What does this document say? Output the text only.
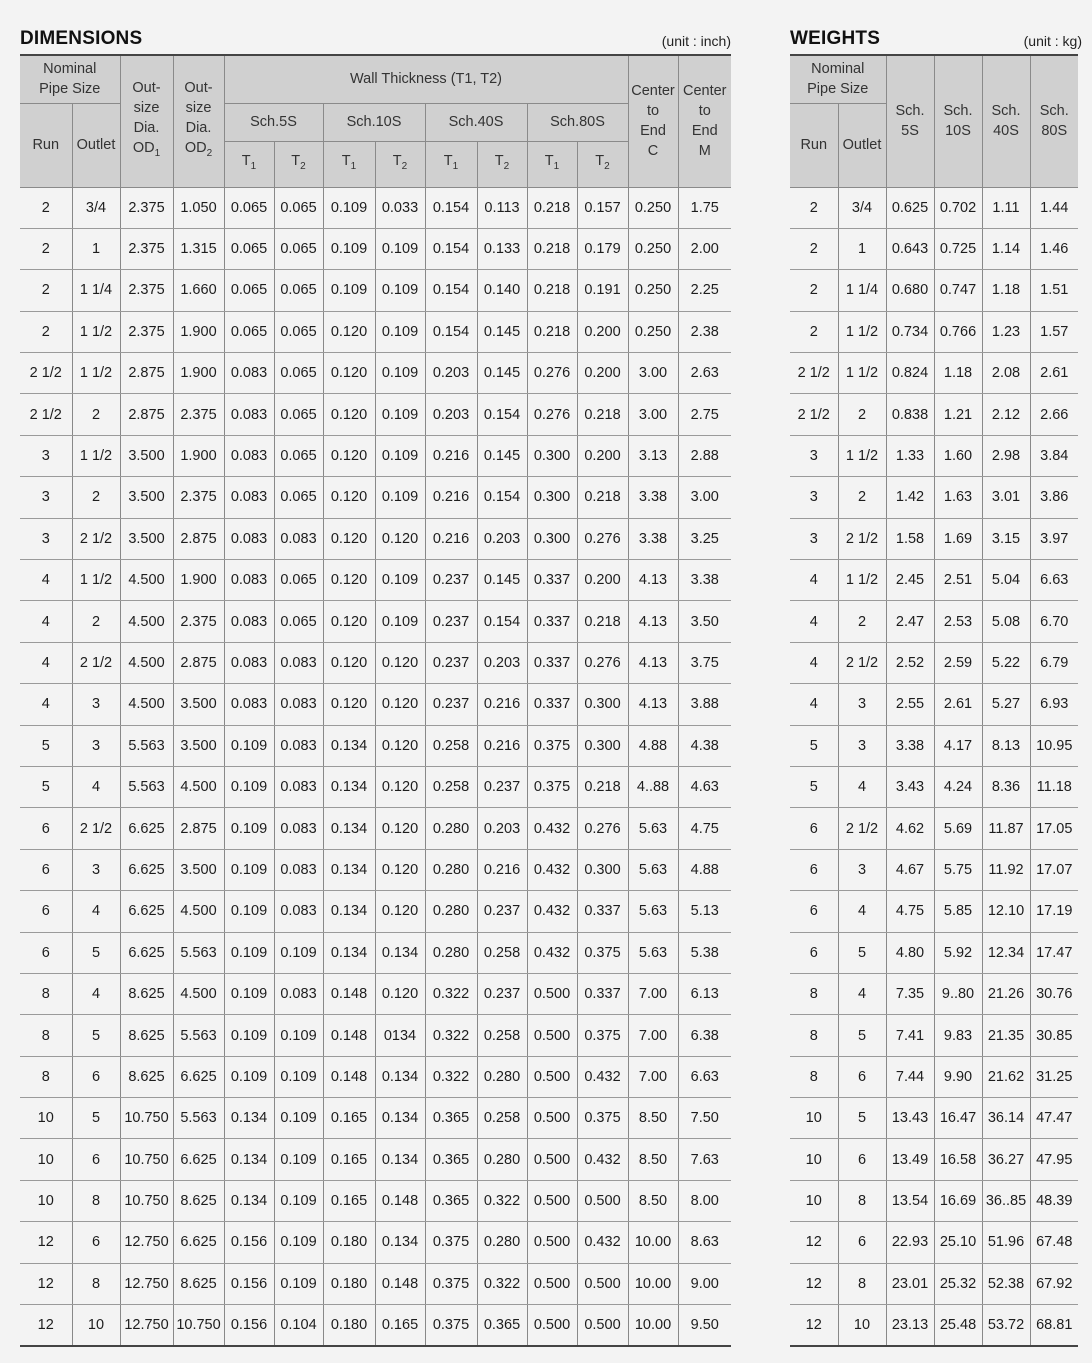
DIMENSIONS	(unit : inch)
Nominal Pipe Size		Out-
size
Dia.
$OD_1$	Out-
size
Dia.
$OD_2$	Wall Thickness (T1, T2)								Center
to
End
C	Center
to
End
M
Run	Outlet			Sch.5S		Sch.10S		Sch.40S		Sch.80S			
				$T_1$	$T_2$	$T_1$	$T_2$	$T_1$	$T_2$	$T_1$	$T_2$
2	3/4	2.375	1.050	0.065	0.065	0.109	0.033	0.154	0.113	0.218	0.157	0.250	1.75
2	1	2.375	1.315	0.065	0.065	0.109	0.109	0.154	0.133	0.218	0.179	0.250	2.00
2	1 1/4	2.375	1.660	0.065	0.065	0.109	0.109	0.154	0.140	0.218	0.191	0.250	2.25
2	1 1/2	2.375	1.900	0.065	0.065	0.120	0.109	0.154	0.145	0.218	0.200	0.250	2.38
2 1/2	1 1/2	2.875	1.900	0.083	0.065	0.120	0.109	0.203	0.145	0.276	0.200	3.00	2.63
2 1/2	2	2.875	2.375	0.083	0.065	0.120	0.109	0.203	0.154	0.276	0.218	3.00	2.75
3	1 1/2	3.500	1.900	0.083	0.065	0.120	0.109	0.216	0.145	0.300	0.200	3.13	2.88
3	2	3.500	2.375	0.083	0.065	0.120	0.109	0.216	0.154	0.300	0.218	3.38	3.00
3	2 1/2	3.500	2.875	0.083	0.083	0.120	0.120	0.216	0.203	0.300	0.276	3.38	3.25
4	1 1/2	4.500	1.900	0.083	0.065	0.120	0.109	0.237	0.145	0.337	0.200	4.13	3.38
4	2	4.500	2.375	0.083	0.065	0.120	0.109	0.237	0.154	0.337	0.218	4.13	3.50
4	2 1/2	4.500	2.875	0.083	0.083	0.120	0.120	0.237	0.203	0.337	0.276	4.13	3.75
4	3	4.500	3.500	0.083	0.083	0.120	0.120	0.237	0.216	0.337	0.300	4.13	3.88
5	3	5.563	3.500	0.109	0.083	0.134	0.120	0.258	0.216	0.375	0.300	4.88	4.38
5	4	5.563	4.500	0.109	0.083	0.134	0.120	0.258	0.237	0.375	0.218	4..88	4.63
6	2 1/2	6.625	2.875	0.109	0.083	0.134	0.120	0.280	0.203	0.432	0.276	5.63	4.75
6	3	6.625	3.500	0.109	0.083	0.134	0.120	0.280	0.216	0.432	0.300	5.63	4.88
6	4	6.625	4.500	0.109	0.083	0.134	0.120	0.280	0.237	0.432	0.337	5.63	5.13
6	5	6.625	5.563	0.109	0.109	0.134	0.134	0.280	0.258	0.432	0.375	5.63	5.38
8	4	8.625	4.500	0.109	0.083	0.148	0.120	0.322	0.237	0.500	0.337	7.00	6.13
8	5	8.625	5.563	0.109	0.109	0.148	0134	0.322	0.258	0.500	0.375	7.00	6.38
8	6	8.625	6.625	0.109	0.109	0.148	0.134	0.322	0.280	0.500	0.432	7.00	6.63
10	5	10.750	5.563	0.134	0.109	0.165	0.134	0.365	0.258	0.500	0.375	8.50	7.50
10	6	10.750	6.625	0.134	0.109	0.165	0.134	0.365	0.280	0.500	0.432	8.50	7.63
10	8	10.750	8.625	0.134	0.109	0.165	0.148	0.365	0.322	0.500	0.500	8.50	8.00
12	6	12.750	6.625	0.156	0.109	0.180	0.134	0.375	0.280	0.500	0.432	10.00	8.63
12	8	12.750	8.625	0.156	0.109	0.180	0.148	0.375	0.322	0.500	0.500	10.00	9.00
12	10	12.750	10.750	0.156	0.104	0.180	0.165	0.375	0.365	0.500	0.500	10.00	9.50
WEIGHTS	(unit : kg)
Nominal Pipe Size		Sch.
5S	Sch.
10S	Sch.
40S	Sch.
80S
Run	Outlet				
2	3/4	0.625	0.702	1.11	1.44
2	1	0.643	0.725	1.14	1.46
2	1 1/4	0.680	0.747	1.18	1.51
2	1 1/2	0.734	0.766	1.23	1.57
2 1/2	1 1/2	0.824	1.18	2.08	2.61
2 1/2	2	0.838	1.21	2.12	2.66
3	1 1/2	1.33	1.60	2.98	3.84
3	2	1.42	1.63	3.01	3.86
3	2 1/2	1.58	1.69	3.15	3.97
4	1 1/2	2.45	2.51	5.04	6.63
4	2	2.47	2.53	5.08	6.70
4	2 1/2	2.52	2.59	5.22	6.79
4	3	2.55	2.61	5.27	6.93
5	3	3.38	4.17	8.13	10.95
5	4	3.43	4.24	8.36	11.18
6	2 1/2	4.62	5.69	11.87	17.05
6	3	4.67	5.75	11.92	17.07
6	4	4.75	5.85	12.10	17.19
6	5	4.80	5.92	12.34	17.47
8	4	7.35	9..80	21.26	30.76
8	5	7.41	9.83	21.35	30.85
8	6	7.44	9.90	21.62	31.25
10	5	13.43	16.47	36.14	47.47
10	6	13.49	16.58	36.27	47.95
10	8	13.54	16.69	36..85	48.39
12	6	22.93	25.10	51.96	67.48
12	8	23.01	25.32	52.38	67.92
12	10	23.13	25.48	53.72	68.81
